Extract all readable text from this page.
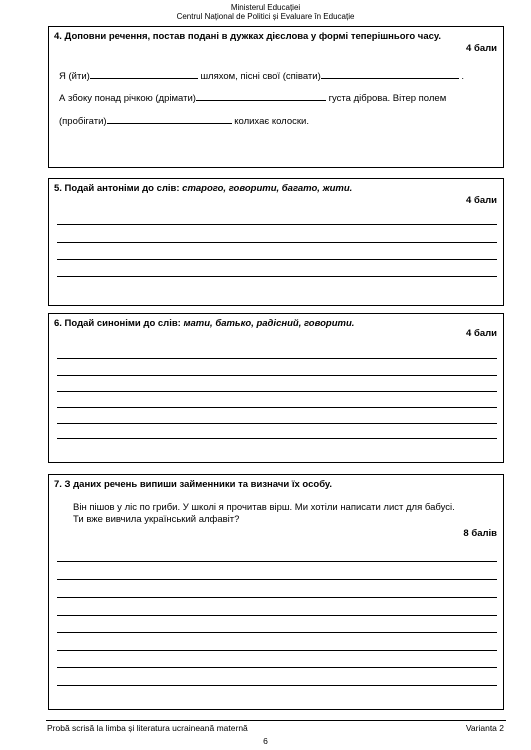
Ministerul Educației
Centrul Național de Politici și Evaluare în Educație
4. Доповни речення, постав подані в дужках дієслова у формі теперішнього часу.
4 бали
Я (йти)	шляхом, пісні свої (співати)	.
А збоку понад річкою (дрімати)	густа діброва. Вітер полем
(пробігати)	колихає колоски.
5. Подай антоніми до слів: старого, говорити, багато, жити.
4 бали
6. Подай синоніми до слів: мати, батько, радісний, говорити.
4 бали
7. З даних речень випиши займенники та визначи їх особу.
Він пішов у ліс по гриби. У школі я прочитав вірш. Ми хотіли написати лист для бабусі.
Ти вже вивчила український алфавіт?
8 балів
Probă scrisă la limba și literatura ucraineană maternă	Varianta 2
6
